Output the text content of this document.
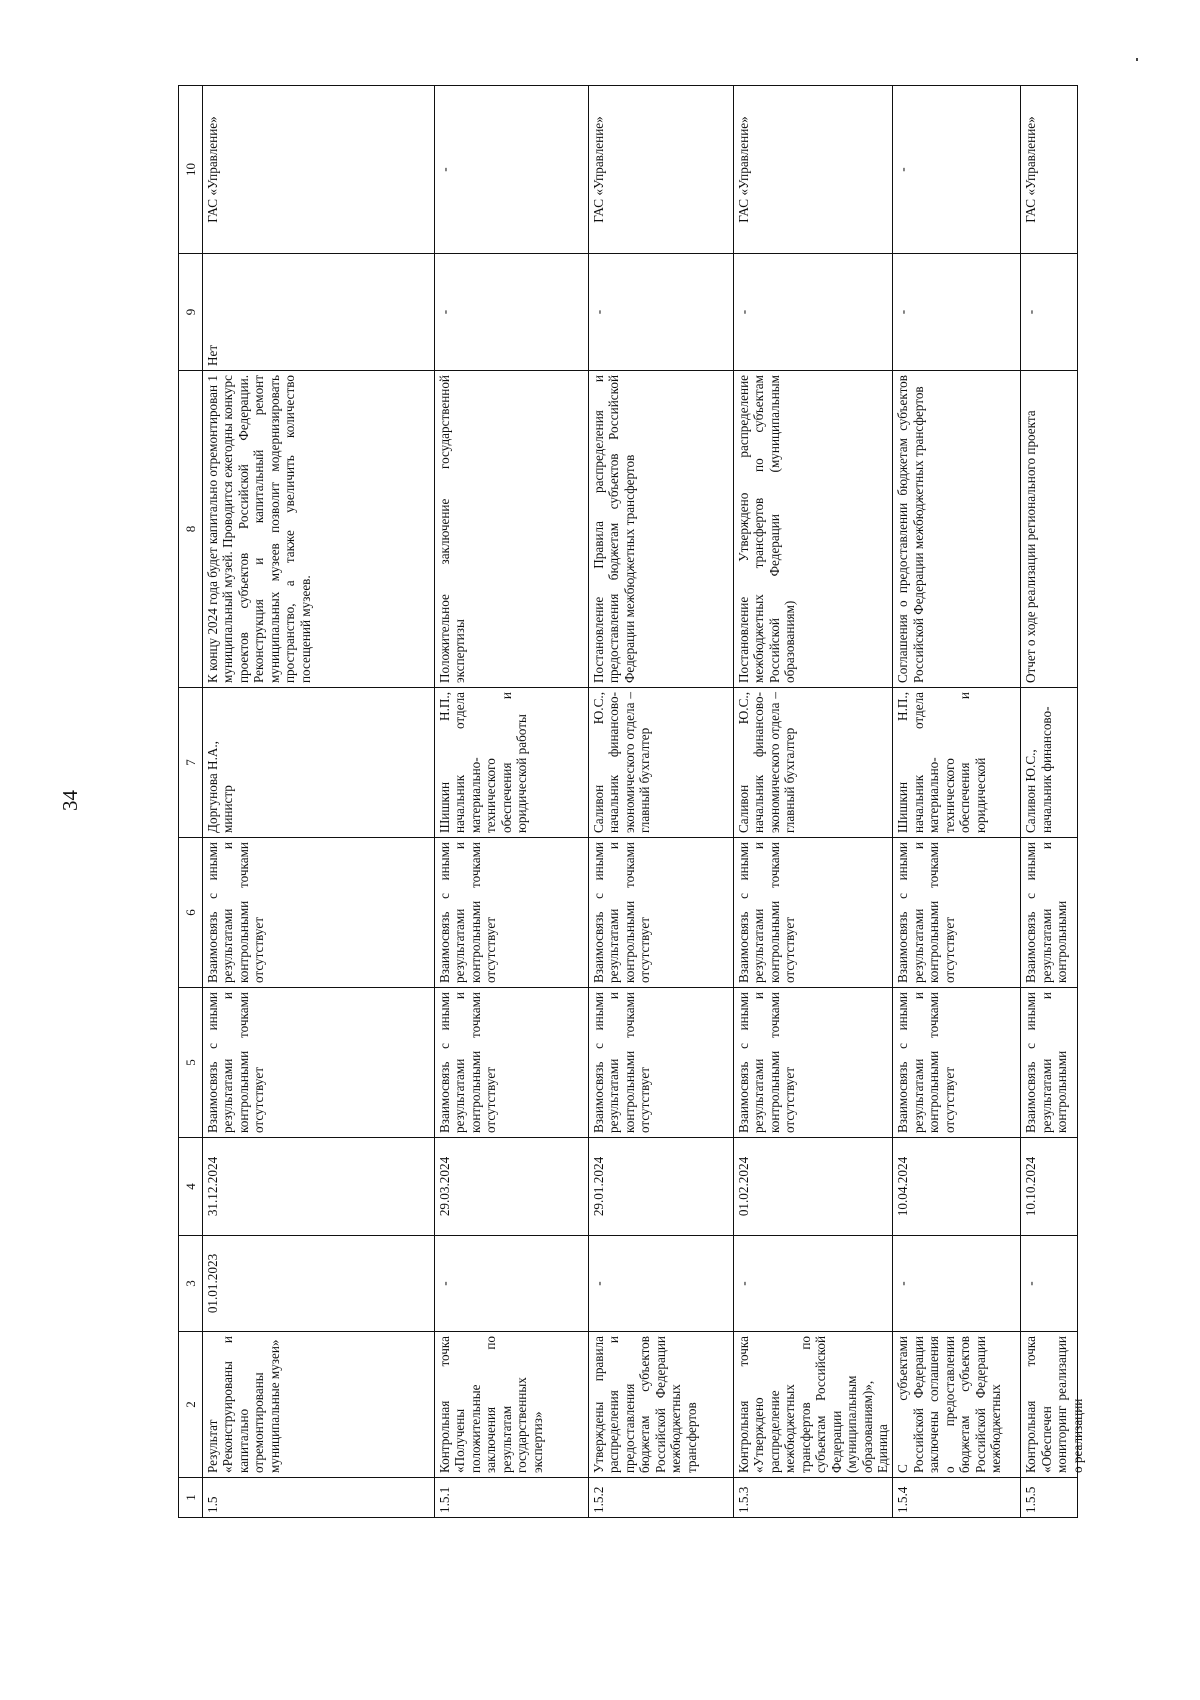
34
1	2	3	4	5	6	7	8	9	10
1.5	Результат «Реконструированы и капитально отремонтированы муниципальные музеи»	01.01.2023	31.12.2024	Взаимосвязь с иными результатами и контрольными точками отсутствует	Взаимосвязь с иными результатами и контрольными точками отсутствует	Доргунова Н.А., министр	К концу 2024 года будет капитально отремонтирован 1 муниципальный музей. Проводится ежегодны конкурс проектов субъектов Российской Федерации. Реконструкция и капитальный ремонт муниципальных музеев позволит модернизировать пространство, а также увеличить количество посещений музеев.	Нет	ГАС «Управление»
1.5.1	Контрольная точка «Получены положительные заключения по результатам государственных экспертиз»	-	29.03.2024	Взаимосвязь с иными результатами и контрольными точками отсутствует	Взаимосвязь с иными результатами и контрольными точками отсутствует	Шишкин Н.П., начальник отдела материально-технического обеспечения и юридической работы	Положительное заключение государственной экспертизы	-	-
1.5.2	Утверждены правила распределения и предоставления бюджетам субъектов Российской Федерации межбюджетных трансфертов	-	29.01.2024	Взаимосвязь с иными результатами и контрольными точками отсутствует	Взаимосвязь с иными результатами и контрольными точками отсутствует	Саливон Ю.С., начальник финансово-экономического отдела – главный бухгалтер	Постановление Правила распределения и предоставления бюджетам субъектов Российской Федерации межбюджетных трансфертов	-	ГАС «Управление»
1.5.3	Контрольная точка «Утверждено распределение межбюджетных трансфертов по субъектам Российской Федерации (муниципальным образованиям)», Единица	-	01.02.2024	Взаимосвязь с иными результатами и контрольными точками отсутствует	Взаимосвязь с иными результатами и контрольными точками отсутствует	Саливон Ю.С., начальник финансово-экономического отдела – главный бухгалтер	Постановление Утверждено распределение межбюджетных трансфертов по субъектам Российской Федерации (муниципальным образованиям)	-	ГАС «Управление»
1.5.4	С субъектами Российской Федерации заключены соглашения о предоставлении бюджетам субъектов Российской Федерации межбюджетных	-	10.04.2024	Взаимосвязь с иными результатами и контрольными точками отсутствует	Взаимосвязь с иными результатами и контрольными точками отсутствует	Шишкин Н.П., начальник отдела материально-технического обеспечения и юридической	Соглашения о предоставлении бюджетам субъектов Российской Федерации межбюджетных трансфертов	-	-
1.5.5	Контрольная точка «Обеспечен мониторинг реализации о реализации	-	10.10.2024	Взаимосвязь с иными результатами и контрольными	Взаимосвязь с иными результатами и контрольными	Саливон Ю.С., начальник финансово-	Отчет о ходе реализации регионального проекта	-	ГАС «Управление»
